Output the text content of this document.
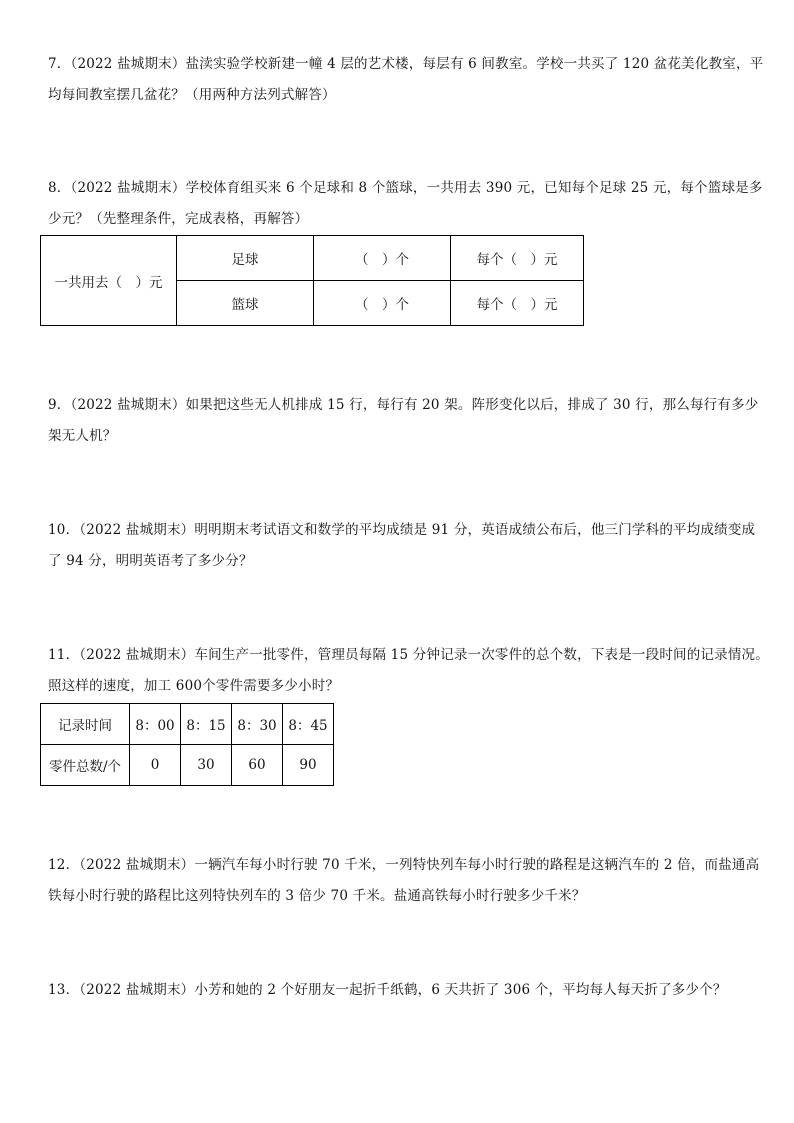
7．（2022 盐城期末）盐渎实验学校新建一幢 4 层的艺术楼，每层有 6 间教室。学校一共买了 120 盆花美化教室，平

均每间教室摆几盆花？（用两种方法列式解答）

8．（2022 盐城期末）学校体育组买来 6 个足球和 8 个篮球，一共用去 390 元，已知每个足球 25 元，每个篮球是多

少元？（先整理条件，完成表格，再解答）

一共用去（　）元	足球	（　）个	每个（　）元
	篮球	（　）个	每个（　）元

9．（2022 盐城期末）如果把这些无人机排成 15 行，每行有 20 架。阵形变化以后，排成了 30 行，那么每行有多少

架无人机？

10．（2022 盐城期末）明明期末考试语文和数学的平均成绩是 91 分，英语成绩公布后，他三门学科的平均成绩变成

了 94 分，明明英语考了多少分？

11．（2022 盐城期末）车间生产一批零件，管理员每隔 15 分钟记录一次零件的总个数，下表是一段时间的记录情况。

照这样的速度，加工 600个零件需要多少小时？

记录时间	8：00	8：15	8：30	8：45
零件总数/个	0	30	60	90

12．（2022 盐城期末）一辆汽车每小时行驶 70 千米，一列特快列车每小时行驶的路程是这辆汽车的 2 倍，而盐通高

铁每小时行驶的路程比这列特快列车的 3 倍少 70 千米。盐通高铁每小时行驶多少千米？

13．（2022 盐城期末）小芳和她的 2 个好朋友一起折千纸鹤，6 天共折了 306 个，平均每人每天折了多少个？
